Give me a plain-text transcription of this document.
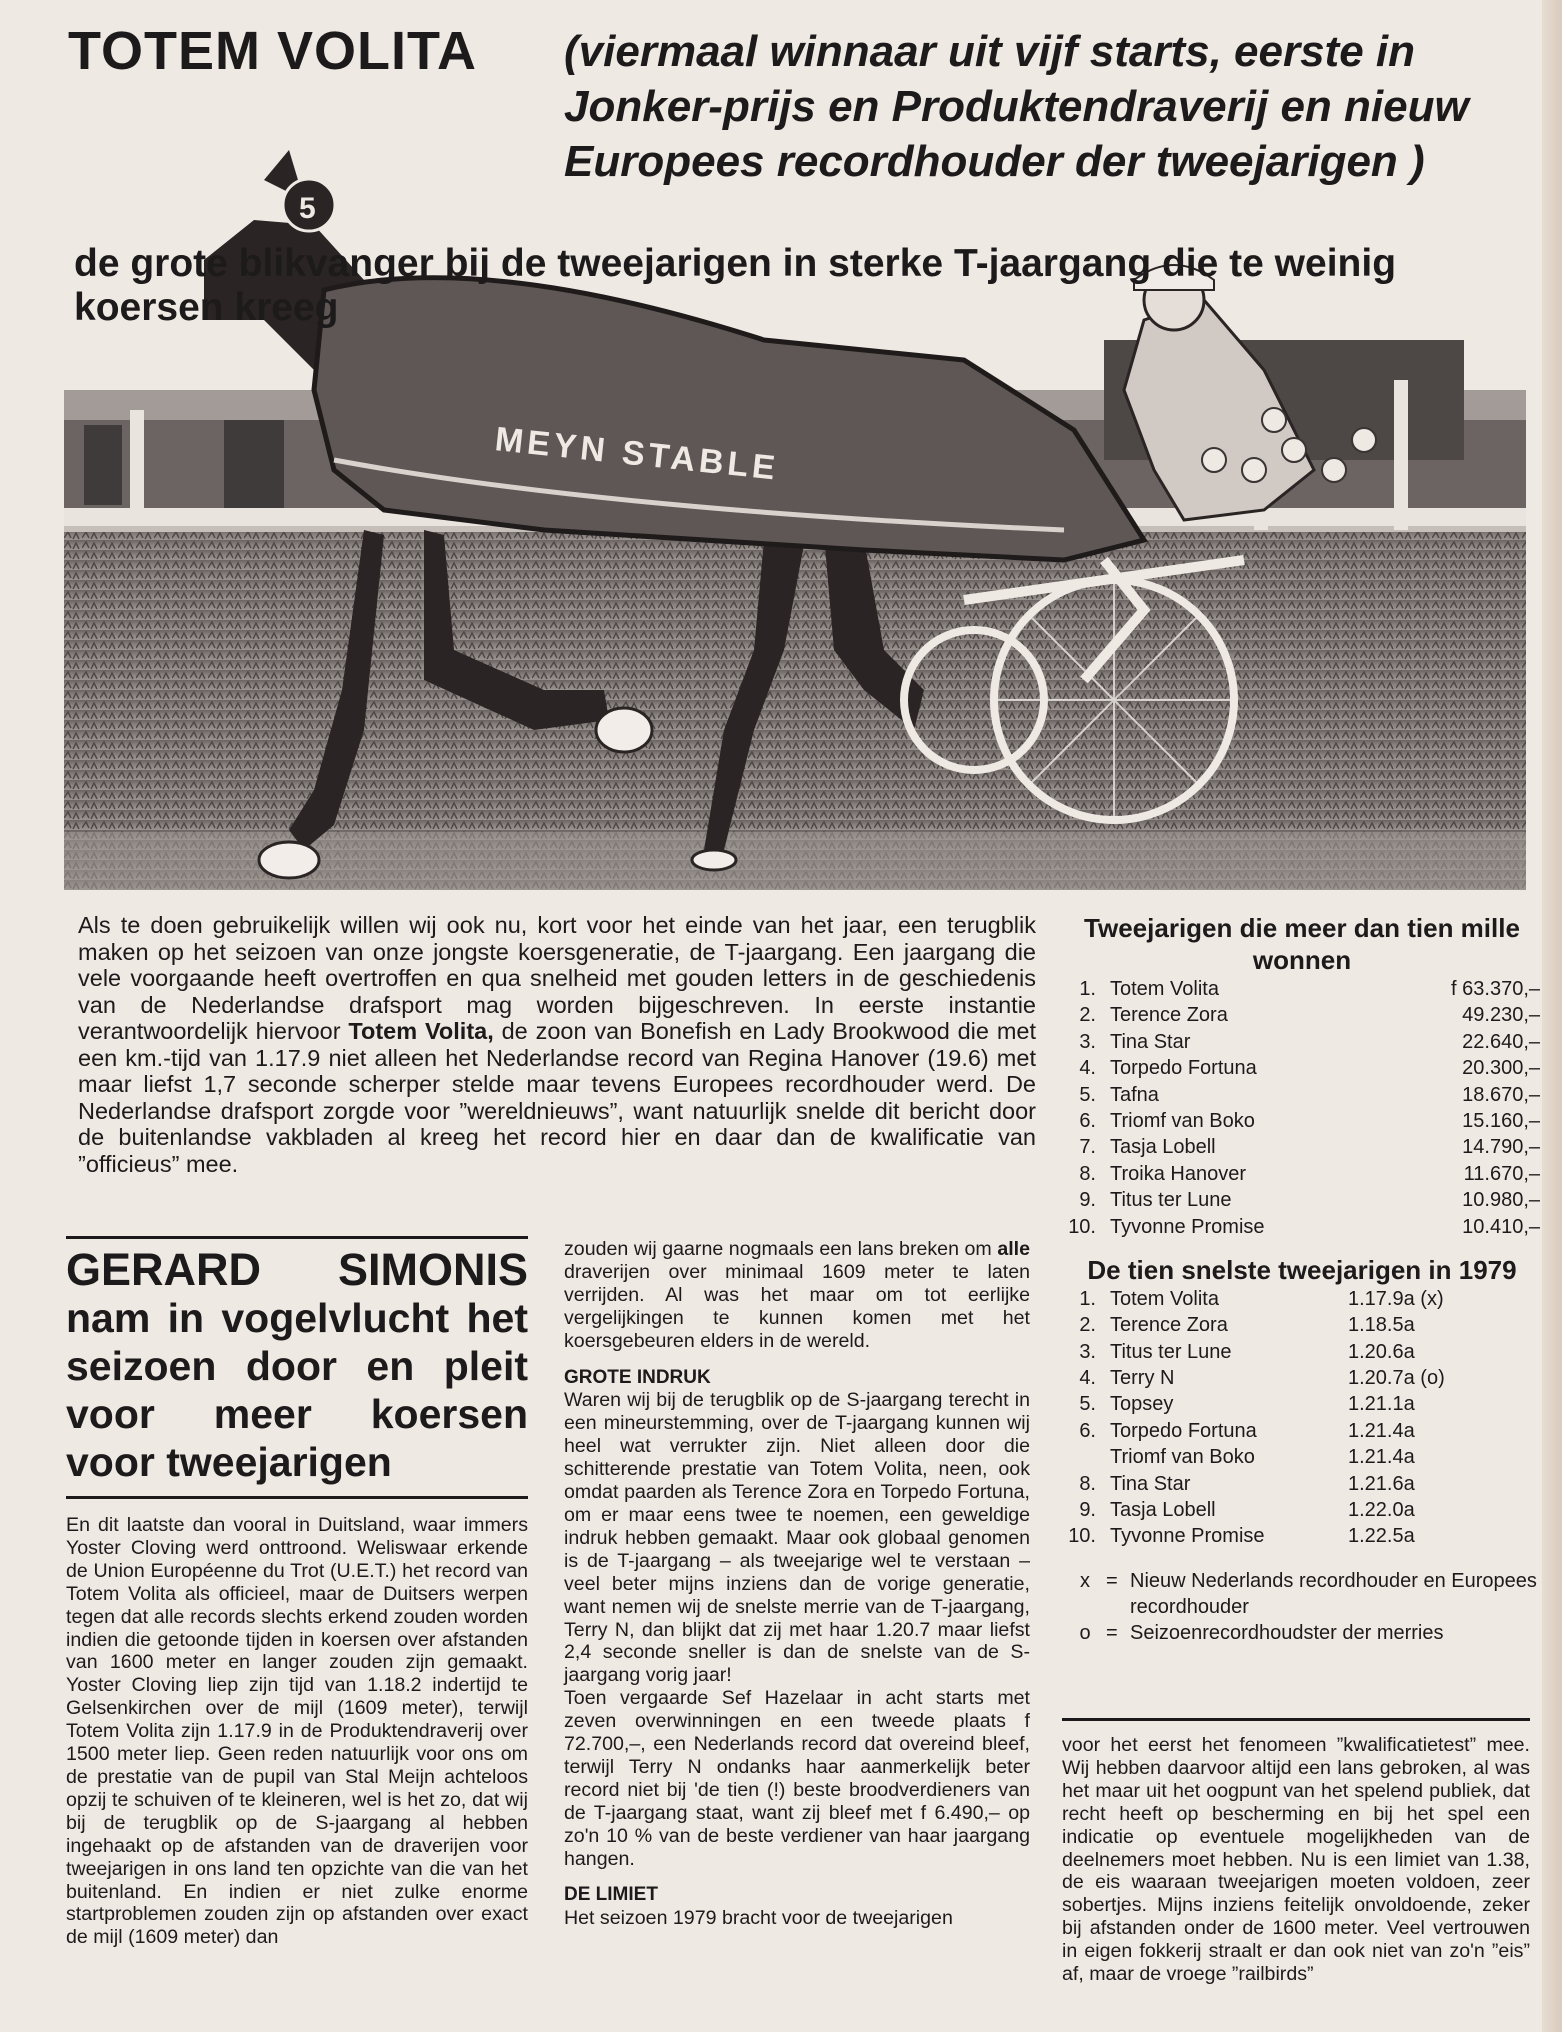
5
MEYN STABLE
TOTEM VOLITA (viermaal winnaar uit vijf starts, eerste in Jonker-prijs en Produktendraverij en nieuw Europees recordhouder der tweejarigen )
de grote blikvanger bij de tweejarigen in sterke T-jaargang die te weinig koersen kreeg
Als te doen gebruikelijk willen wij ook nu, kort voor het einde van het jaar, een terugblik maken op het seizoen van onze jongste koersgeneratie, de T-jaargang. Een jaargang die vele voorgaande heeft overtroffen en qua snelheid met gouden letters in de geschiedenis van de Nederlandse drafsport mag worden bijgeschreven. In eerste instantie verantwoordelijk hiervoor Totem Volita, de zoon van Bonefish en Lady Brookwood die met een km.-tijd van 1.17.9 niet alleen het Nederlandse record van Regina Hanover (19.6) met maar liefst 1,7 seconde scherper stelde maar tevens Europees recordhouder werd. De Nederlandse drafsport zorgde voor ”wereldnieuws”, want natuurlijk snelde dit bericht door de buitenlandse vakbladen al kreeg het record hier en daar dan de kwalificatie van ”officieus” mee.
Tweejarigen die meer dan tien mille wonnen
1. Totem Volita	f 63.370,–
2. Terence Zora	49.230,–
3. Tina Star	22.640,–
4. Torpedo Fortuna	20.300,–
5. Tafna	18.670,–
6. Triomf van Boko	15.160,–
7. Tasja Lobell	14.790,–
8. Troika Hanover	11.670,–
9. Titus ter Lune	10.980,–
10. Tyvonne Promise	10.410,–
De tien snelste tweejarigen in 1979
1. Totem Volita	1.17.9a (x)
2. Terence Zora	1.18.5a
3. Titus ter Lune	1.20.6a
4. Terry N	1.20.7a (o)
5. Topsey	1.21.1a
6. Torpedo Fortuna	1.21.4a
Triomf van Boko	1.21.4a
8. Tina Star	1.21.6a
9. Tasja Lobell	1.22.0a
10. Tyvonne Promise	1.22.5a
x = Nieuw Nederlands recordhouder en Europees recordhouder
o = Seizoenrecordhoudster der merries
GERARD SIMONIS
nam in vogelvlucht het seizoen door en pleit voor meer koersen voor tweejarigen
En dit laatste dan vooral in Duitsland, waar immers Yoster Cloving werd onttroond. Weliswaar erkende de Union Européenne du Trot (U.E.T.) het record van Totem Volita als officieel, maar de Duitsers werpen tegen dat alle records slechts erkend zouden worden indien die getoonde tijden in koersen over afstanden van 1600 meter en langer zouden zijn gemaakt. Yoster Cloving liep zijn tijd van 1.18.2 indertijd te Gelsenkirchen over de mijl (1609 meter), terwijl Totem Volita zijn 1.17.9 in de Produktendraverij over 1500 meter liep. Geen reden natuurlijk voor ons om de prestatie van de pupil van Stal Meijn achteloos opzij te schuiven of te kleineren, wel is het zo, dat wij bij de terugblik op de S-jaargang al hebben ingehaakt op de afstanden van de draverijen voor tweejarigen in ons land ten opzichte van die van het buitenland. En indien er niet zulke enorme startproblemen zouden zijn op afstanden over exact de mijl (1609 meter) dan
zouden wij gaarne nogmaals een lans breken om alle draverijen over minimaal 1609 meter te laten verrijden. Al was het maar om tot eerlijke vergelijkingen te kunnen komen met het koersgebeuren elders in de wereld.
GROTE INDRUK
Waren wij bij de terugblik op de S-jaargang terecht in een mineurstemming, over de T-jaargang kunnen wij heel wat verrukter zijn. Niet alleen door die schitterende prestatie van Totem Volita, neen, ook omdat paarden als Terence Zora en Torpedo Fortuna, om er maar eens twee te noemen, een geweldige indruk hebben gemaakt. Maar ook globaal genomen is de T-jaargang – als tweejarige wel te verstaan – veel beter mijns inziens dan de vorige generatie, want nemen wij de snelste merrie van de T-jaargang, Terry N, dan blijkt dat zij met haar 1.20.7 maar liefst 2,4 seconde sneller is dan de snelste van de S-jaargang vorig jaar!
Toen vergaarde Sef Hazelaar in acht starts met zeven overwinningen en een tweede plaats f 72.700,–, een Nederlands record dat overeind bleef, terwijl Terry N ondanks haar aanmerkelijk beter record niet bij 'de tien (!) beste broodverdieners van de T-jaargang staat, want zij bleef met f 6.490,– op zo'n 10 % van de beste verdiener van haar jaargang hangen.
DE LIMIET
Het seizoen 1979 bracht voor de tweejarigen
voor het eerst het fenomeen ”kwalificatietest” mee. Wij hebben daarvoor altijd een lans gebroken, al was het maar uit het oogpunt van het spelend publiek, dat recht heeft op bescherming en bij het spel een indicatie op eventuele mogelijkheden van de deelnemers moet hebben. Nu is een limiet van 1.38, de eis waaraan tweejarigen moeten voldoen, zeer sobertjes. Mijns inziens feitelijk onvoldoende, zeker bij afstanden onder de 1600 meter. Veel vertrouwen in eigen fokkerij straalt er dan ook niet van zo'n ”eis” af, maar de vroege ”railbirds”
